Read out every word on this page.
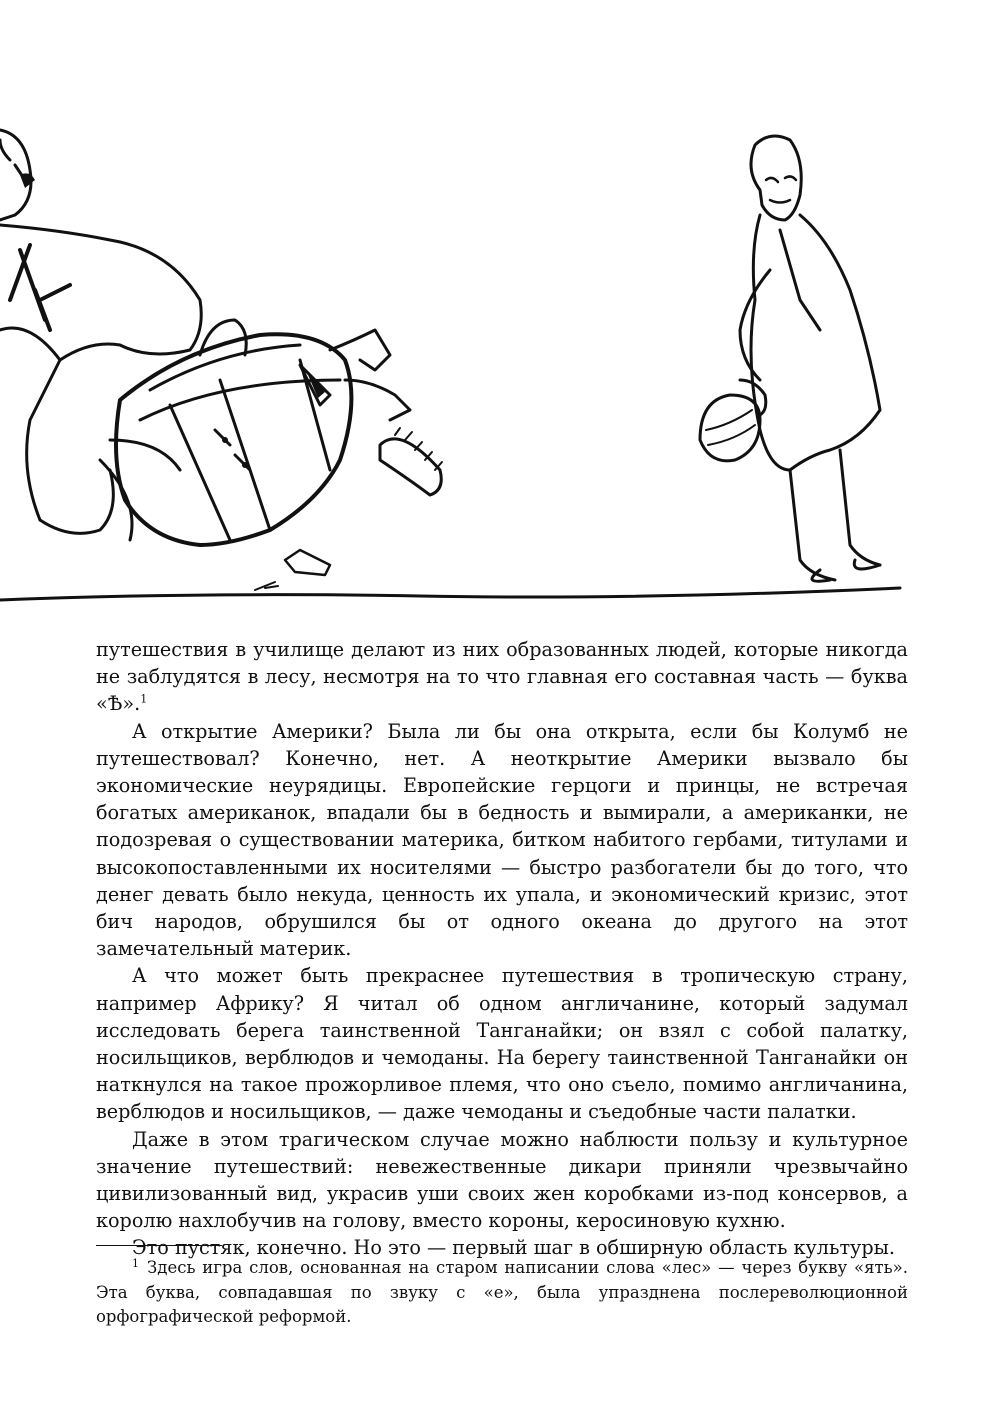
путешествия в училище делают из них образованных людей, которые никогда не заблудятся в лесу, несмотря на то что главная его составная часть — буква «Ѣ».$^1$

А открытие Америки? Была ли бы она открыта, если бы Колумб не путешествовал? Конечно, нет. А неоткрытие Америки вызвало бы экономические неурядицы. Европейские герцоги и принцы, не встречая богатых американок, впадали бы в бедность и вымирали, а американки, не подозревая о существовании материка, битком набитого гербами, титулами и высокопоставленными их носителями — быстро разбогатели бы до того, что денег девать было некуда, ценность их упала, и экономический кризис, этот бич народов, обрушился бы от одного океана до другого на этот замечательный материк.

А что может быть прекраснее путешествия в тропическую страну, например Африку? Я читал об одном англичанине, который задумал исследовать берега таинственной Танганайки; он взял с собой палатку, носильщиков, верблюдов и чемоданы. На берегу таинственной Танганайки он наткнулся на такое прожорливое племя, что оно съело, помимо англичанина, верблюдов и носильщиков, — даже чемоданы и съедобные части палатки.

Даже в этом трагическом случае можно наблюсти пользу и культурное значение путешествий: невежественные дикари приняли чрезвычайно цивилизованный вид, украсив уши своих жен коробками из-под консервов, а королю нахлобучив на голову, вместо короны, керосиновую кухню.

Это пустяк, конечно. Но это — первый шаг в обширную область культуры.

$^1$ Здесь игра слов, основанная на старом написании слова «лес» — через букву «ять». Эта буква, совпадавшая по звуку с «е», была упразднена послереволюционной орфографической реформой.
